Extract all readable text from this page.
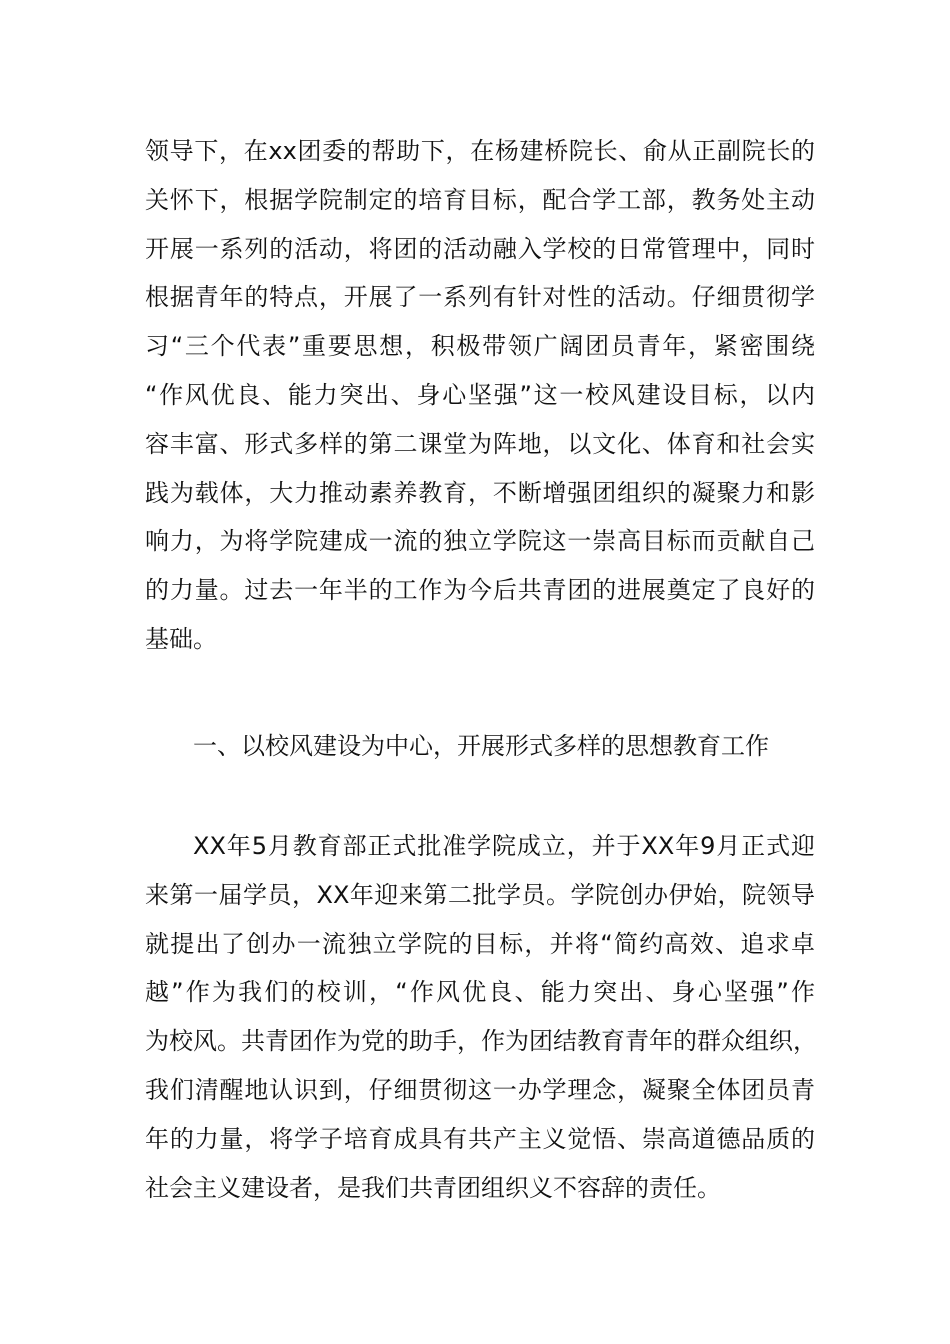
领导下，在xx团委的帮助下，在杨建桥院长、俞从正副院长的
关怀下，根据学院制定的培育目标，配合学工部，教务处主动
开展一系列的活动，将团的活动融入学校的日常管理中，同时
根据青年的特点，开展了一系列有针对性的活动。仔细贯彻学
习“三个代表”重要思想，积极带领广阔团员青年，紧密围绕
“作风优良、能力突出、身心坚强”这一校风建设目标，以内
容丰富、形式多样的第二课堂为阵地，以文化、体育和社会实
践为载体，大力推动素养教育，不断增强团组织的凝聚力和影
响力，为将学院建成一流的独立学院这一崇高目标而贡献自己
的力量。过去一年半的工作为今后共青团的进展奠定了良好的
基础。
一、以校风建设为中心，开展形式多样的思想教育工作
XX年5月教育部正式批准学院成立，并于XX年9月正式迎
来第一届学员，XX年迎来第二批学员。学院创办伊始，院领导
就提出了创办一流独立学院的目标，并将“简约高效、追求卓
越”作为我们的校训，“作风优良、能力突出、身心坚强”作
为校风。共青团作为党的助手，作为团结教育青年的群众组织，
我们清醒地认识到，仔细贯彻这一办学理念，凝聚全体团员青
年的力量，将学子培育成具有共产主义觉悟、崇高道德品质的
社会主义建设者，是我们共青团组织义不容辞的责任。
